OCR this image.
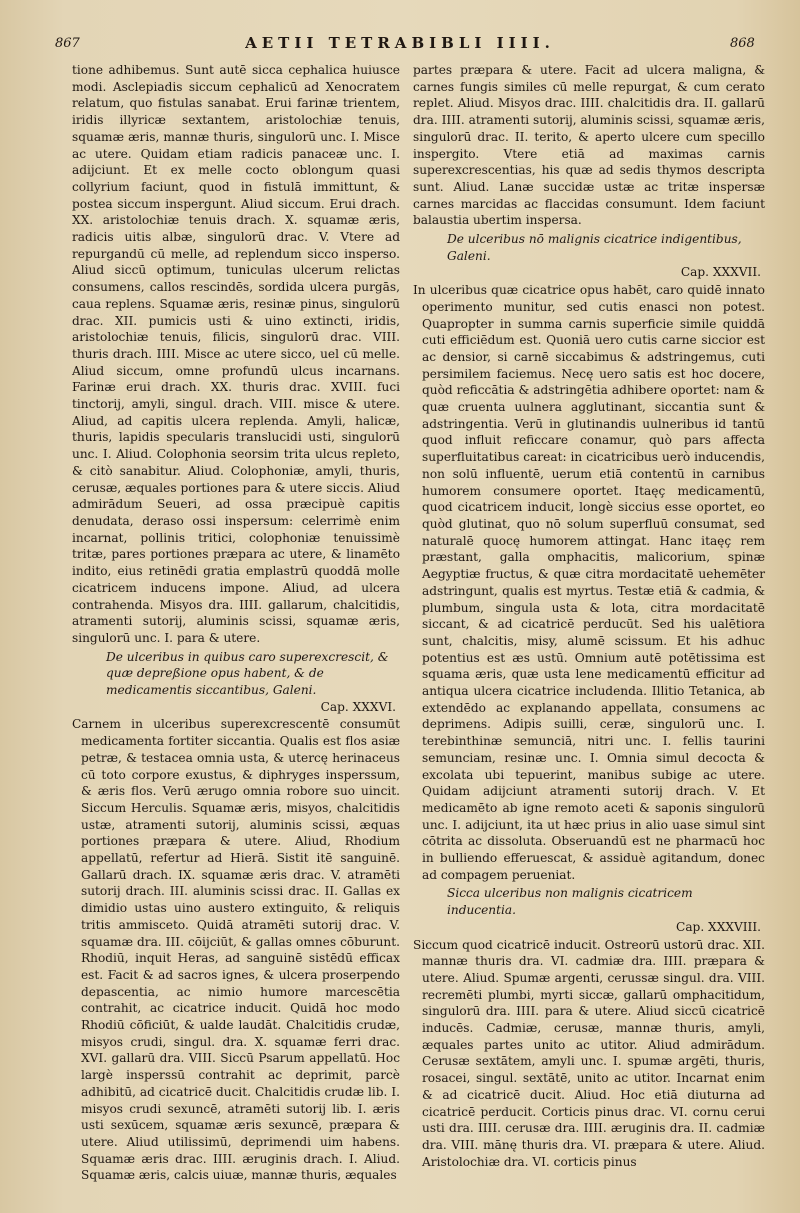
867	AETII TETRABIBLI IIII.	868

tione adhibemus. Sunt autē sicca cephalica huiusce modi. Asclepiadis siccum cephalicū ad Xenocratem relatum, quo fistulas sanabat. Erui farinæ trientem, iridis illyricæ sextantem, aristolochiæ tenuis, squamæ æris, mannæ thuris, singulorū unc. I. Misce ac utere. Quidam etiam radicis panaceæ unc. I. adijciunt. Et ex melle cocto oblongum quasi collyrium faciunt, quod in fistulā immittunt, & postea siccum inspergunt. Aliud siccum. Erui drach. XX. aristolochiæ tenuis drach. X. squamæ æris, radicis uitis albæ, singulorū drac. V. Vtere ad repurgandū cū melle, ad replendum sicco insperso. Aliud siccū optimum, tuniculas ulcerum relictas consumens, callos rescindēs, sordida ulcera purgās, caua replens. Squamæ æris, resinæ pinus, singulorū drac. XII. pumicis usti & uino extincti, iridis, aristolochiæ tenuis, filicis, singulorū drac. VIII. thuris drach. IIII. Misce ac utere sicco, uel cū melle. Aliud siccum, omne profundū ulcus incarnans. Farinæ erui drach. XX. thuris drac. XVIII. fuci tinctorij, amyli, singul. drach. VIII. misce & utere. Aliud, ad capitis ulcera replenda. Amyli, halicæ, thuris, lapidis specularis translucidi usti, singulorū unc. I. Aliud. Colophonia seorsim trita ulcus repleto, & citò sanabitur. Aliud. Colophoniæ, amyli, thuris, cerusæ, æquales portiones para & utere siccis. Aliud admirādum Seueri, ad ossa præcipuè capitis denudata, deraso ossi inspersum: celerrimè enim incarnat, pollinis tritici, colophoniæ tenuissimè tritæ, pares portiones præpara ac utere, & linamēto indito, eius retinēdi gratia emplastrū quoddā molle cicatricem inducens impone. Aliud, ad ulcera contrahenda. Misyos dra. IIII. gallarum, chalcitidis, atramenti sutorij, aluminis scissi, squamæ æris, singulorū unc. I. para & utere.

De ulceribus in quibus caro superexcrescit, & quæ depreßione opus habent, & de medicamentis siccantibus, Galeni.
Cap. XXXVI.

Carnem in ulceribus superexcrescentē consumūt medicamenta fortiter siccantia. Qualis est flos asiæ petræ, & testacea omnia usta, & utercę herinaceus cū toto corpore exustus, & diphryges insperssum, & æris flos. Verū ærugo omnia robore suo uincit. Siccum Herculis. Squamæ æris, misyos, chalcitidis ustæ, atramenti sutorij, aluminis scissi, æquas portiones præpara & utere. Aliud, Rhodium appellatū, refertur ad Hierā. Sistit itē sanguinē. Gallarū drach. IX. squamæ æris drac. V. atramēti sutorij drach. III. aluminis scissi drac. II. Gallas ex dimidio ustas uino austero extinguito, & reliquis tritis ammisceto. Quidā atramēti sutorij drac. V. squamæ dra. III. cōijciūt, & gallas omnes cōburunt. Rhodiū, inquit Heras, ad sanguinē sistēdū efficax est. Facit & ad sacros ignes, & ulcera proserpendo depascentia, ac nimio humore marcescētia contrahit, ac cicatrice inducit. Quidā hoc modo Rhodiū cōficiūt, & ualde laudāt. Chalcitidis crudæ, misyos crudi, singul. dra. X. squamæ ferri drac. XVI. gallarū dra. VIII. Siccū Psarum appellatū. Hoc largè insperssū contrahit ac deprimit, parcè adhibitū, ad cicatricē ducit. Chalcitidis crudæ lib. I. misyos crudi sexuncē, atramēti sutorij lib. I. æris usti sexūcem, squamæ æris sexuncē, præpara & utere. Aliud utilissimū, deprimendi uim habens. Squamæ æris drac. IIII. æruginis drach. I. Aliud. Squamæ æris, calcis uiuæ, mannæ thuris, æquales

partes præpara & utere. Facit ad ulcera maligna, & carnes fungis similes cū melle repurgat, & cum cerato replet. Aliud. Misyos drac. IIII. chalcitidis dra. II. gallarū dra. IIII. atramenti sutorij, aluminis scissi, squamæ æris, singulorū drac. II. terito, & aperto ulcere cum specillo inspergito. Vtere etiā ad maximas carnis superexcrescentias, his quæ ad sedis thymos descripta sunt. Aliud. Lanæ succidæ ustæ ac tritæ inspersæ carnes marcidas ac flaccidas consumunt. Idem faciunt balaustia ubertim inspersa.

De ulceribus nō malignis cicatrice indigentibus, Galeni.
Cap. XXXVII.

In ulceribus quæ cicatrice opus habēt, caro quidē innato operimento munitur, sed cutis enasci non potest. Quapropter in summa carnis superficie simile quiddā cuti efficiēdum est. Quoniā uero cutis carne siccior est ac densior, si carnē siccabimus & adstringemus, cuti persimilem faciemus. Necę uero satis est hoc docere, quòd reficcātia & adstringētia adhibere oportet: nam & quæ cruenta uulnera agglutinant, siccantia sunt & adstringentia. Verū in glutinandis uulneribus id tantū quod influit reficcare conamur, quò pars affecta superfluitatibus careat: in cicatricibus uerò inducendis, non solū influentē, uerum etiā contentū in carnibus humorem consumere oportet. Itaęç medicamentū, quod cicatricem inducit, longè siccius esse oportet, eo quòd glutinat, quo nō solum superfluū consumat, sed naturalē quocę humorem attingat. Hanc itaęç rem præstant, galla omphacitis, malicorium, spinæ Aegyptiæ fructus, & quæ citra mordacitatē uehemēter adstringunt, qualis est myrtus. Testæ etiā & cadmia, & plumbum, singula usta & lota, citra mordacitatē siccant, & ad cicatricē perducūt. Sed his ualētiora sunt, chalcitis, misy, alumē scissum. Et his adhuc potentius est æs ustū. Omnium autē potētissima est squama æris, quæ usta lene medicamentū efficitur ad antiqua ulcera cicatrice includenda. Illitio Tetanica, ab extendēdo ac explanando appellata, consumens ac deprimens. Adipis suilli, ceræ, singulorū unc. I. terebinthinæ semunciā, nitri unc. I. fellis taurini semunciam, resinæ unc. I. Omnia simul decocta & excolata ubi tepuerint, manibus subige ac utere. Quidam adijciunt atramenti sutorij drach. V. Et medicamēto ab igne remoto aceti & saponis singulorū unc. I. adijciunt, ita ut hæc prius in alio uase simul sint cōtrita ac dissoluta. Obseruandū est ne pharmacū hoc in bulliendo efferuescat, & assiduè agitandum, donec ad compagem perueniat.

Sicca ulceribus non malignis cicatricem inducentia.
Cap. XXXVIII.

Siccum quod cicatricē inducit. Ostreorū ustorū drac. XII. mannæ thuris dra. VI. cadmiæ dra. IIII. præpara & utere. Aliud. Spumæ argenti, cerussæ singul. dra. VIII. recremēti plumbi, myrti siccæ, gallarū omphacitidum, singulorū dra. IIII. para & utere. Aliud siccū cicatricē inducēs. Cadmiæ, cerusæ, mannæ thuris, amyli, æquales partes unito ac utitor. Aliud admirādum. Cerusæ sextātem, amyli unc. I. spumæ argēti, thuris, rosacei, singul. sextātē, unito ac utitor. Incarnat enim & ad cicatricē ducit. Aliud. Hoc etiā diuturna ad cicatricē perducit. Corticis pinus drac. VI. cornu cerui usti dra. IIII. cerusæ dra. IIII. æruginis dra. II. cadmiæ dra. VIII. mānę thuris dra. VI. præpara & utere. Aliud. Aristolochiæ dra. VI. corticis pinus
